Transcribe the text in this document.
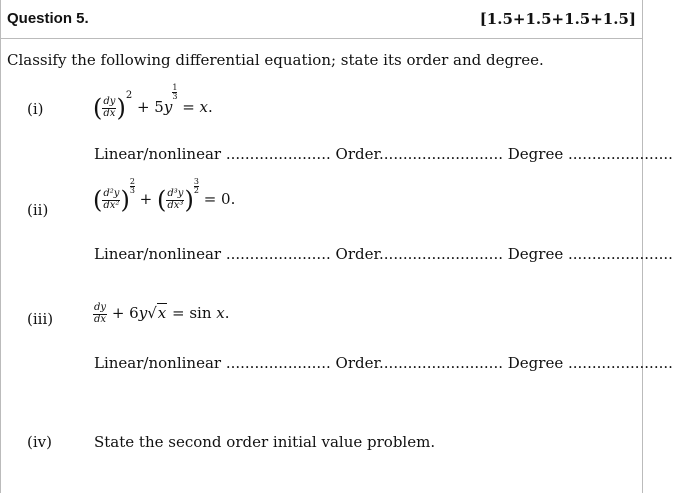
Question 5.	[1.5+1.5+1.5+1.5]
Classify the following differential equation; state its order and degree.
(i) ( $\frac{dy}{dx} )^2 + 5y$
$\frac{1}{3}$
= x.
Linear/nonlinear ...................... Order.......................... Degree ......................
(ii) ( $\frac{\text{d²y}}{\text{dx²}}$ ) $\frac{2}{3}$
+ ( $\frac{\text{d³y}}{\text{dx³}}$ ) $\frac{3}{2}$
= 0.
Linear/nonlinear ...................... Order.......................... Degree ......................
(iii)	$\frac{dy}{dx} + 6y√x = \sin x$.
Linear/nonlinear ...................... Order.......................... Degree ......................
(iv)	State the second order initial value problem.
